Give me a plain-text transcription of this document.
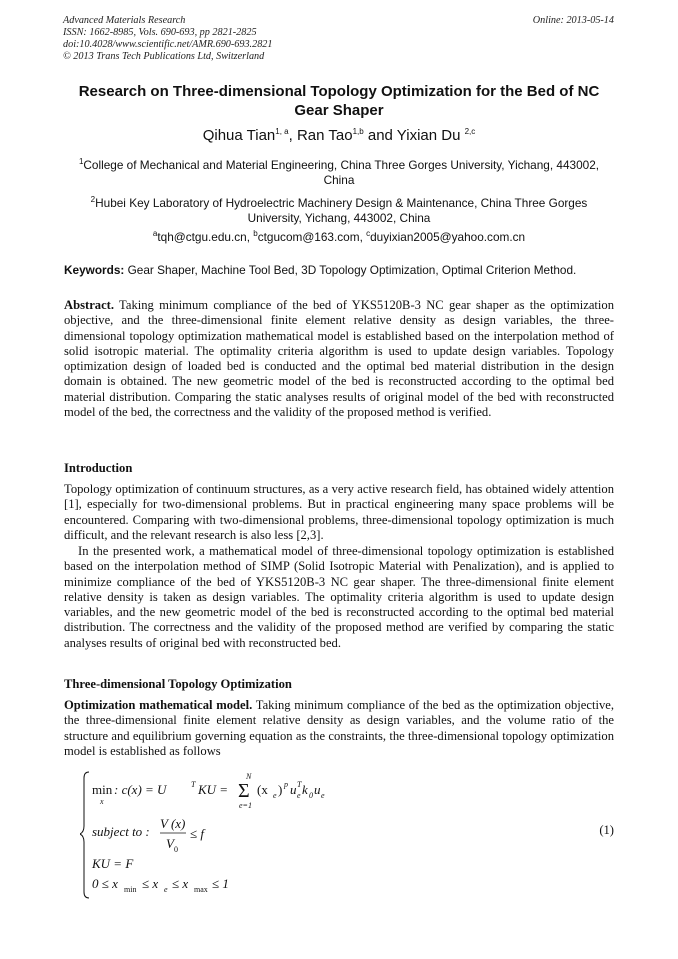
Advanced Materials Research
ISSN: 1662-8985, Vols. 690-693, pp 2821-2825
doi:10.4028/www.scientific.net/AMR.690-693.2821
© 2013 Trans Tech Publications Ltd, Switzerland
Online: 2013-05-14
Research on Three-dimensional Topology Optimization for the Bed of NC Gear Shaper
Qihua Tian$^{1, a}$, Ran Tao$^{1,b}$ and Yixian Du $^{2,c}$
$^1$College of Mechanical and Material Engineering, China Three Gorges University, Yichang, 443002, China
$^2$Hubei Key Laboratory of Hydroelectric Machinery Design & Maintenance, China Three Gorges University, Yichang, 443002, China
$^a$tqh@ctgu.edu.cn, $^b$ctgucom@163.com, $^c$duyixian2005@yahoo.com.cn
Keywords: Gear Shaper, Machine Tool Bed, 3D Topology Optimization, Optimal Criterion Method.
Abstract. Taking minimum compliance of the bed of YKS5120B-3 NC gear shaper as the optimization objective, and the three-dimensional finite element relative density as design variables, the three-dimensional topology optimization mathematical model is established based on the interpolation method of solid isotropic material. The optimality criteria algorithm is used to update design variables. Topology optimization design of loaded bed is conducted and the optimal bed material distribution in the design domain is obtained. The new geometric model of the bed is reconstructed according to the optimal bed material distribution. Comparing the static analyses results of original model of the bed with reconstructed model of the bed, the correctness and the validity of the proposed method is verified.
Introduction
Topology optimization of continuum structures, as a very active research field, has obtained widely attention [1], especially for two-dimensional problems. But in practical engineering many space problems will be encountered. Comparing with two-dimensional problems, three-dimensional topology optimization is much difficult, and the relevant research is also less [2,3].
In the presented work, a mathematical model of three-dimensional topology optimization is established based on the interpolation method of SIMP (Solid Isotropic Material with Penalization), and is applied to minimize compliance of the bed of YKS5120B-3 NC gear shaper. The three-dimensional finite element relative density is taken as design variables. The optimality criteria algorithm is used to update design variables, and the new geometric model of the bed is reconstructed according to the optimal bed material distribution. The correctness and the validity of the proposed method are verified by comparing the static analyses results of original bed with reconstructed bed.
Three-dimensional Topology Optimization
Optimization mathematical model. Taking minimum compliance of the bed as the optimization objective, the three-dimensional finite element relative density as design variables, and the volume ratio of the structure and equilibrium governing equation as the constraints, the three-dimensional topology optimization model is established as follows
min
x
: c(x) = U	T KU =
N
Σ
e=1
(x e ) p u T
e k 0 u e
subject to :
V (x)
V 0
≤ f
KU = F
0 ≤ x min ≤ x e ≤ x max ≤ 1
(1)
